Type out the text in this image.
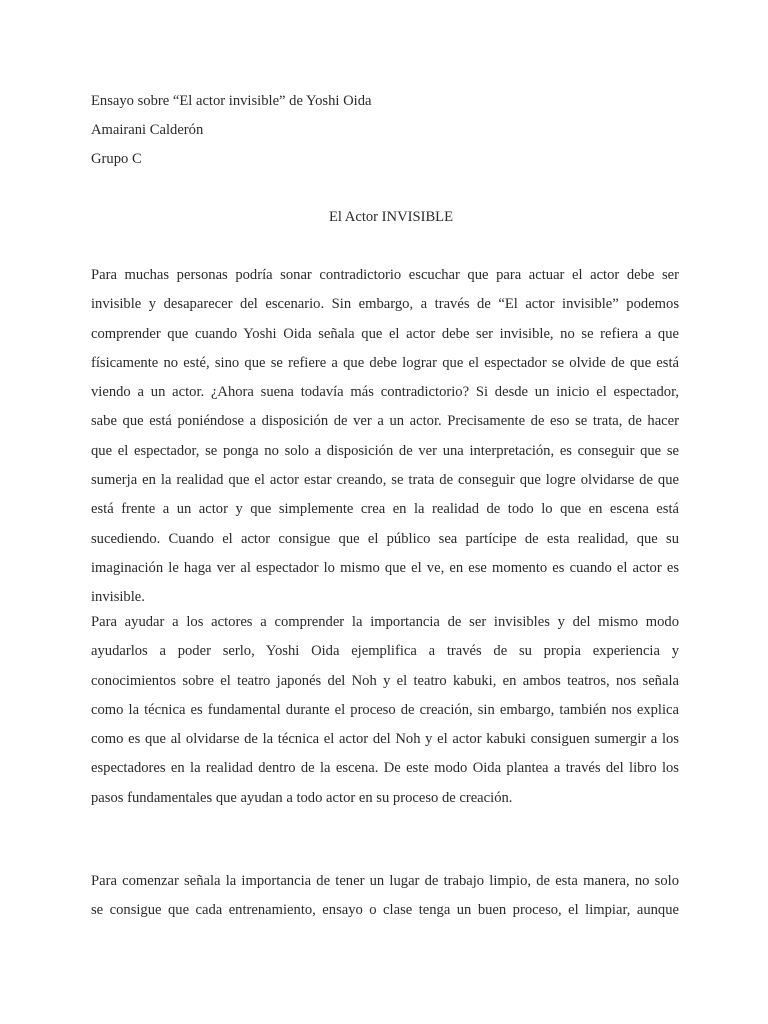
Ensayo sobre “El actor invisible” de Yoshi Oida
Amairani Calderón
Grupo C
El Actor INVISIBLE
Para muchas personas podría sonar contradictorio escuchar que para actuar el actor debe ser
invisible y desaparecer del escenario. Sin embargo, a través de “El actor invisible” podemos
comprender que cuando Yoshi Oida señala que el actor debe ser invisible, no se refiera a que
físicamente no esté, sino que se refiere a que debe lograr que el espectador se olvide de que está
viendo a un actor. ¿Ahora suena todavía más contradictorio? Si desde un inicio el espectador,
sabe que está poniéndose a disposición de ver a un actor. Precisamente de eso se trata, de hacer
que el espectador, se ponga no solo a disposición de ver una interpretación, es conseguir que se
sumerja en la realidad que el actor estar creando, se trata de conseguir que logre olvidarse de que
está frente a un actor y que simplemente crea en la realidad de todo lo que en escena está
sucediendo. Cuando el actor consigue que el público sea partícipe de esta realidad, que su
imaginación le haga ver al espectador lo mismo que el ve, en ese momento es cuando el actor es
invisible.
Para ayudar a los actores a comprender la importancia de ser invisibles y del mismo modo
ayudarlos a poder serlo, Yoshi Oida ejemplifica a través de su propia experiencia y
conocimientos sobre el teatro japonés del Noh y el teatro kabuki, en ambos teatros, nos señala
como la técnica es fundamental durante el proceso de creación, sin embargo, también nos explica
como es que al olvidarse de la técnica el actor del Noh y el actor kabuki consiguen sumergir a los
espectadores en la realidad dentro de la escena. De este modo Oida plantea a través del libro los
pasos fundamentales que ayudan a todo actor en su proceso de creación.
Para comenzar señala la importancia de tener un lugar de trabajo limpio, de esta manera, no solo
se consigue que cada entrenamiento, ensayo o clase tenga un buen proceso, el limpiar, aunque
